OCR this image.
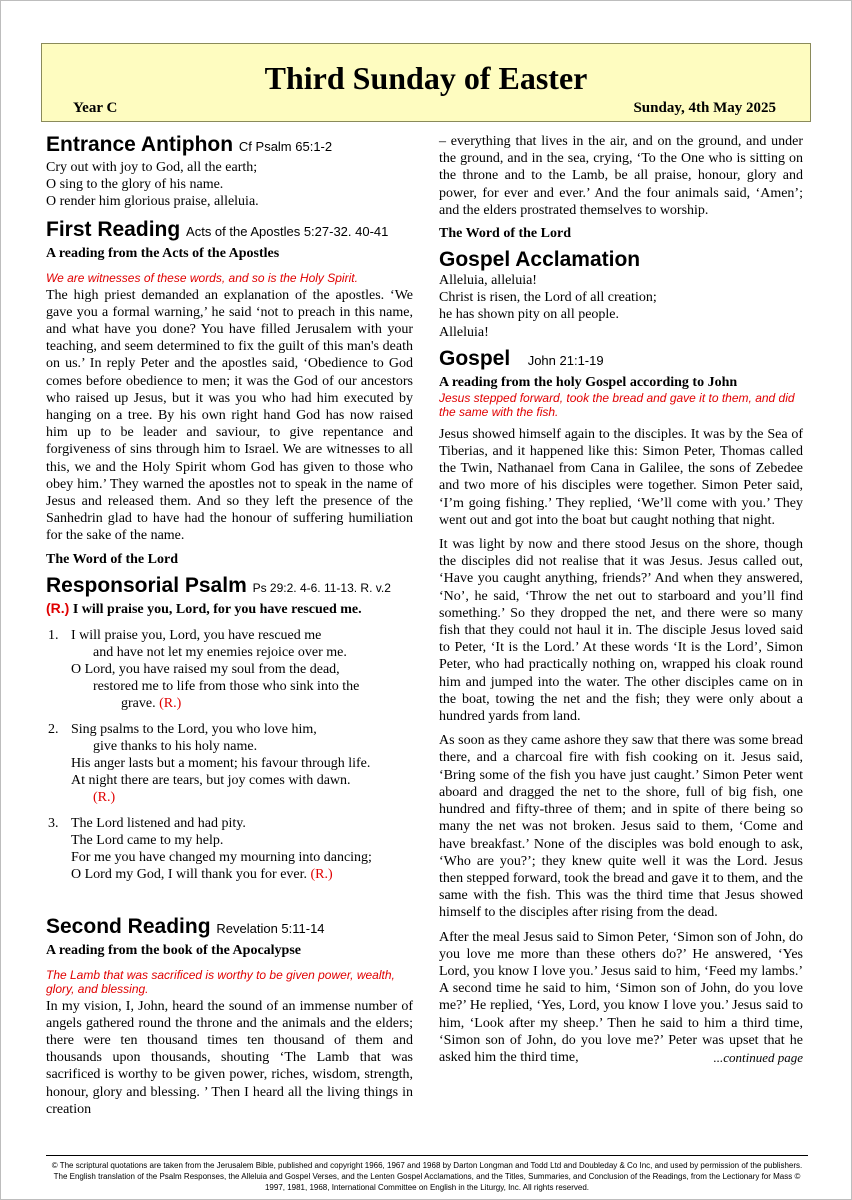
Third Sunday of Easter
Year C	Sunday, 4th May 2025
Entrance Antiphon Cf Psalm 65:1-2

Cry out with joy to God, all the earth;

O sing to the glory of his name.

O render him glorious praise, alleluia.

First Reading Acts of the Apostles 5:27-32. 40-41
A reading from the Acts of the Apostles
We are witnesses of these words, and so is the Holy Spirit.

The high priest demanded an explanation of the apostles. ‘We gave you a formal warning,’ he said ‘not to preach in this name, and what have you done? You have filled Jerusalem with your teaching, and seem determined to fix the guilt of this man's death on us.’ In reply Peter and the apostles said, ‘Obedience to God comes before obedience to men; it was the God of our ancestors who raised up Jesus, but it was you who had him executed by hanging on a tree. By his own right hand God has now raised him up to be leader and saviour, to give repentance and forgiveness of sins through him to Israel. We are witnesses to all this, we and the Holy Spirit whom God has given to those who obey him.’ They warned the apostles not to speak in the name of Jesus and released them. And so they left the presence of the Sanhedrin glad to have had the honour of suffering humiliation for the sake of the name.

The Word of the Lord
Responsorial Psalm Ps 29:2. 4-6. 11-13. R. v.2
(R.) I will praise you, Lord, for you have rescued me.
1. I will praise you, Lord, you have rescued me
and have not let my enemies rejoice over me.
O Lord, you have raised my soul from the dead,
restored me to life from those who sink into the
grave. (R.)
2. Sing psalms to the Lord, you who love him,
give thanks to his holy name.
His anger lasts but a moment; his favour through life.
At night there are tears, but joy comes with dawn.
(R.)
3. The Lord listened and had pity.
The Lord came to my help.
For me you have changed my mourning into dancing;
O Lord my God, I will thank you for ever. (R.)
Second Reading Revelation 5:11-14
A reading from the book of the Apocalypse
The Lamb that was sacrificed is worthy to be given power, wealth, glory, and blessing.

In my vision, I, John, heard the sound of an immense number of angels gathered round the throne and the animals and the elders; there were ten thousand times ten thousand of them and thousands upon thousands, shouting ‘The Lamb that was sacrificed is worthy to be given power, riches, wisdom, strength, honour, glory and blessing. ’ Then I heard all the living things in creation

– everything that lives in the air, and on the ground, and under the ground, and in the sea, crying, ‘To the One who is sitting on the throne and to the Lamb, be all praise, honour, glory and power, for ever and ever.’ And the four animals said, ‘Amen’; and the elders prostrated themselves to worship.

The Word of the Lord
Gospel Acclamation

Alleluia, alleluia!

Christ is risen, the Lord of all creation;

he has shown pity on all people.

Alleluia!

Gospel John 21:1-19
A reading from the holy Gospel according to John
Jesus stepped forward, took the bread and gave it to them, and did the same with the fish.

Jesus showed himself again to the disciples. It was by the Sea of Tiberias, and it happened like this: Simon Peter, Thomas called the Twin, Nathanael from Cana in Galilee, the sons of Zebedee and two more of his disciples were together. Simon Peter said, ‘I’m going fishing.’ They replied, ‘We’ll come with you.’ They went out and got into the boat but caught nothing that night.

It was light by now and there stood Jesus on the shore, though the disciples did not realise that it was Jesus. Jesus called out, ‘Have you caught anything, friends?’ And when they answered, ‘No’, he said, ‘Throw the net out to starboard and you’ll find something.’ So they dropped the net, and there were so many fish that they could not haul it in. The disciple Jesus loved said to Peter, ‘It is the Lord.’ At these words ‘It is the Lord’, Simon Peter, who had practically nothing on, wrapped his cloak round him and jumped into the water. The other disciples came on in the boat, towing the net and the fish; they were only about a hundred yards from land.

As soon as they came ashore they saw that there was some bread there, and a charcoal fire with fish cooking on it. Jesus said, ‘Bring some of the fish you have just caught.’ Simon Peter went aboard and dragged the net to the shore, full of big fish, one hundred and fifty-three of them; and in spite of there being so many the net was not broken. Jesus said to them, ‘Come and have breakfast.’ None of the disciples was bold enough to ask, ‘Who are you?’; they knew quite well it was the Lord. Jesus then stepped forward, took the bread and gave it to them, and the same with the fish. This was the third time that Jesus showed himself to the disciples after rising from the dead.

After the meal Jesus said to Simon Peter, ‘Simon son of John, do you love me more than these others do?’ He answered, ‘Yes Lord, you know I love you.’ Jesus said to him, ‘Feed my lambs.’ A second time he said to him, ‘Simon son of John, do you love me?’ He replied, ‘Yes, Lord, you know I love you.’ Jesus said to him, ‘Look after my sheep.’ Then he said to him a third time, ‘Simon son of John, do you love me?’ Peter was upset that he asked him the third time,	...continued page

© The scriptural quotations are taken from the Jerusalem Bible, published and copyright 1966, 1967 and 1968 by Darton Longman and Todd Ltd and Doubleday & Co Inc, and used by permission of the publishers. The English translation of the Psalm Responses, the Alleluia and Gospel Verses, and the Lenten Gospel Acclamations, and the Titles, Summaries, and Conclusion of the Readings, from the Lectionary for Mass © 1997, 1981, 1968, International Committee on English in the Liturgy, Inc. All rights reserved.
